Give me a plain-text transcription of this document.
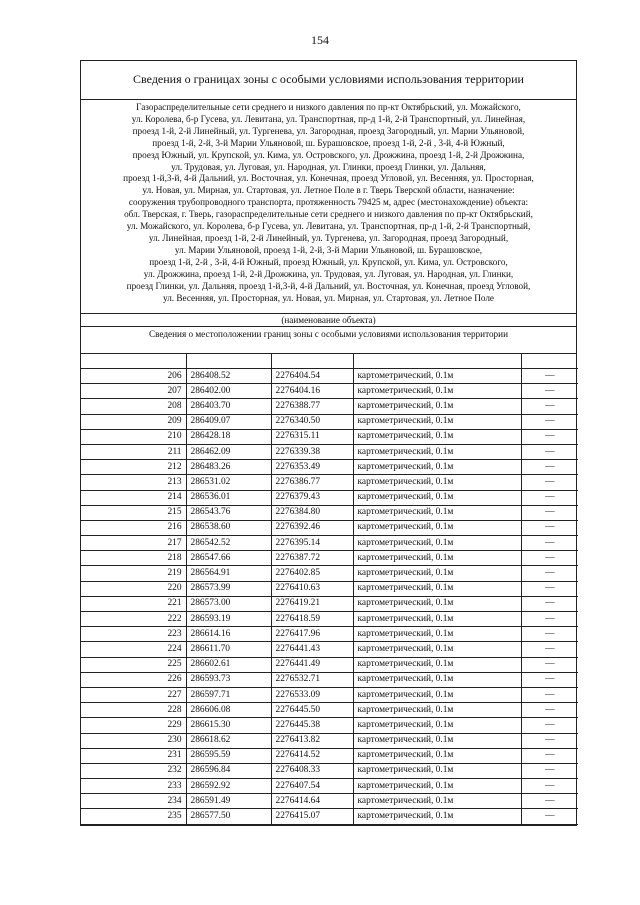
154
Сведения о границах зоны с особыми условиями использования территории
Газораспределительные сети среднего и низкого давления по пр-кт Октябрьский, ул. Можайского,
ул. Королева, б-р Гусева, ул. Левитана, ул. Транспортная, пр-д 1-й, 2-й Транспортный, ул. Линейная,
проезд 1-й, 2-й Линейный, ул. Тургенева, ул. Загородная, проезд Загородный, ул. Марии Ульяновой,
проезд 1-й, 2-й, 3-й Марии Ульяновой, ш. Бурашовское, проезд 1-й, 2-й , 3-й, 4-й Южный,
проезд Южный, ул. Крупской, ул. Кима, ул. Островского, ул. Дрожжина, проезд 1-й, 2-й Дрожжина,
ул. Трудовая, ул. Луговая, ул. Народная, ул. Глинки, проезд Глинки, ул. Дальняя,
проезд 1-й,3-й, 4-й Дальний, ул. Восточная, ул. Конечная, проезд Угловой, ул. Весенняя, ул. Просторная,
ул. Новая, ул. Мирная, ул. Стартовая, ул. Летное Поле в г. Тверь Тверской области, назначение:
сооружения трубопроводного транспорта, протяженность 79425 м, адрес (местонахождение) объекта:
обл. Тверская, г. Тверь, газораспределительные сети среднего и низкого давления по пр-кт Октябрьский,
ул. Можайского, ул. Королева, б-р Гусева, ул. Левитана, ул. Транспортная, пр-д 1-й, 2-й Транспортный,
ул. Линейная, проезд 1-й, 2-й Линейный, ул. Тургенева, ул. Загородная, проезд Загородный,
ул. Марии Ульяновой, проезд 1-й, 2-й, 3-й Марии Ульяновой, ш. Бурашовское,
проезд 1-й, 2-й , 3-й, 4-й Южный, проезд Южный, ул. Крупской, ул. Кима, ул. Островского,
ул. Дрожжина, проезд 1-й, 2-й Дрожжина, ул. Трудовая, ул. Луговая, ул. Народная, ул. Глинки,
проезд Глинки, ул. Дальняя, проезд 1-й,3-й, 4-й Дальний, ул. Восточная, ул. Конечная, проезд Угловой,
ул. Весенняя, ул. Просторная, ул. Новая, ул. Мирная, ул. Стартовая, ул. Летное Поле
(наименование объекта)
Сведения о местоположении границ зоны с особыми условиями использования территории

206	286408.52	2276404.54	картометрический, 0.1м	—
207	286402.00	2276404.16	картометрический, 0.1м	—
208	286403.70	2276388.77	картометрический, 0.1м	—
209	286409.07	2276340.50	картометрический, 0.1м	—
210	286428.18	2276315.11	картометрический, 0.1м	—
211	286462.09	2276339.38	картометрический, 0.1м	—
212	286483.26	2276353.49	картометрический, 0.1м	—
213	286531.02	2276386.77	картометрический, 0.1м	—
214	286536.01	2276379.43	картометрический, 0.1м	—
215	286543.76	2276384.80	картометрический, 0.1м	—
216	286538.60	2276392.46	картометрический, 0.1м	—
217	286542.52	2276395.14	картометрический, 0.1м	—
218	286547.66	2276387.72	картометрический, 0.1м	—
219	286564.91	2276402.85	картометрический, 0.1м	—
220	286573.99	2276410.63	картометрический, 0.1м	—
221	286573.00	2276419.21	картометрический, 0.1м	—
222	286593.19	2276418.59	картометрический, 0.1м	—
223	286614.16	2276417.96	картометрический, 0.1м	—
224	286611.70	2276441.43	картометрический, 0.1м	—
225	286602.61	2276441.49	картометрический, 0.1м	—
226	286593.73	2276532.71	картометрический, 0.1м	—
227	286597.71	2276533.09	картометрический, 0.1м	—
228	286606.08	2276445.50	картометрический, 0.1м	—
229	286615.30	2276445.38	картометрический, 0.1м	—
230	286618.62	2276413.82	картометрический, 0.1м	—
231	286595.59	2276414.52	картометрический, 0.1м	—
232	286596.84	2276408.33	картометрический, 0.1м	—
233	286592.92	2276407.54	картометрический, 0.1м	—
234	286591.49	2276414.64	картометрический, 0.1м	—
235	286577.50	2276415.07	картометрический, 0.1м	—
